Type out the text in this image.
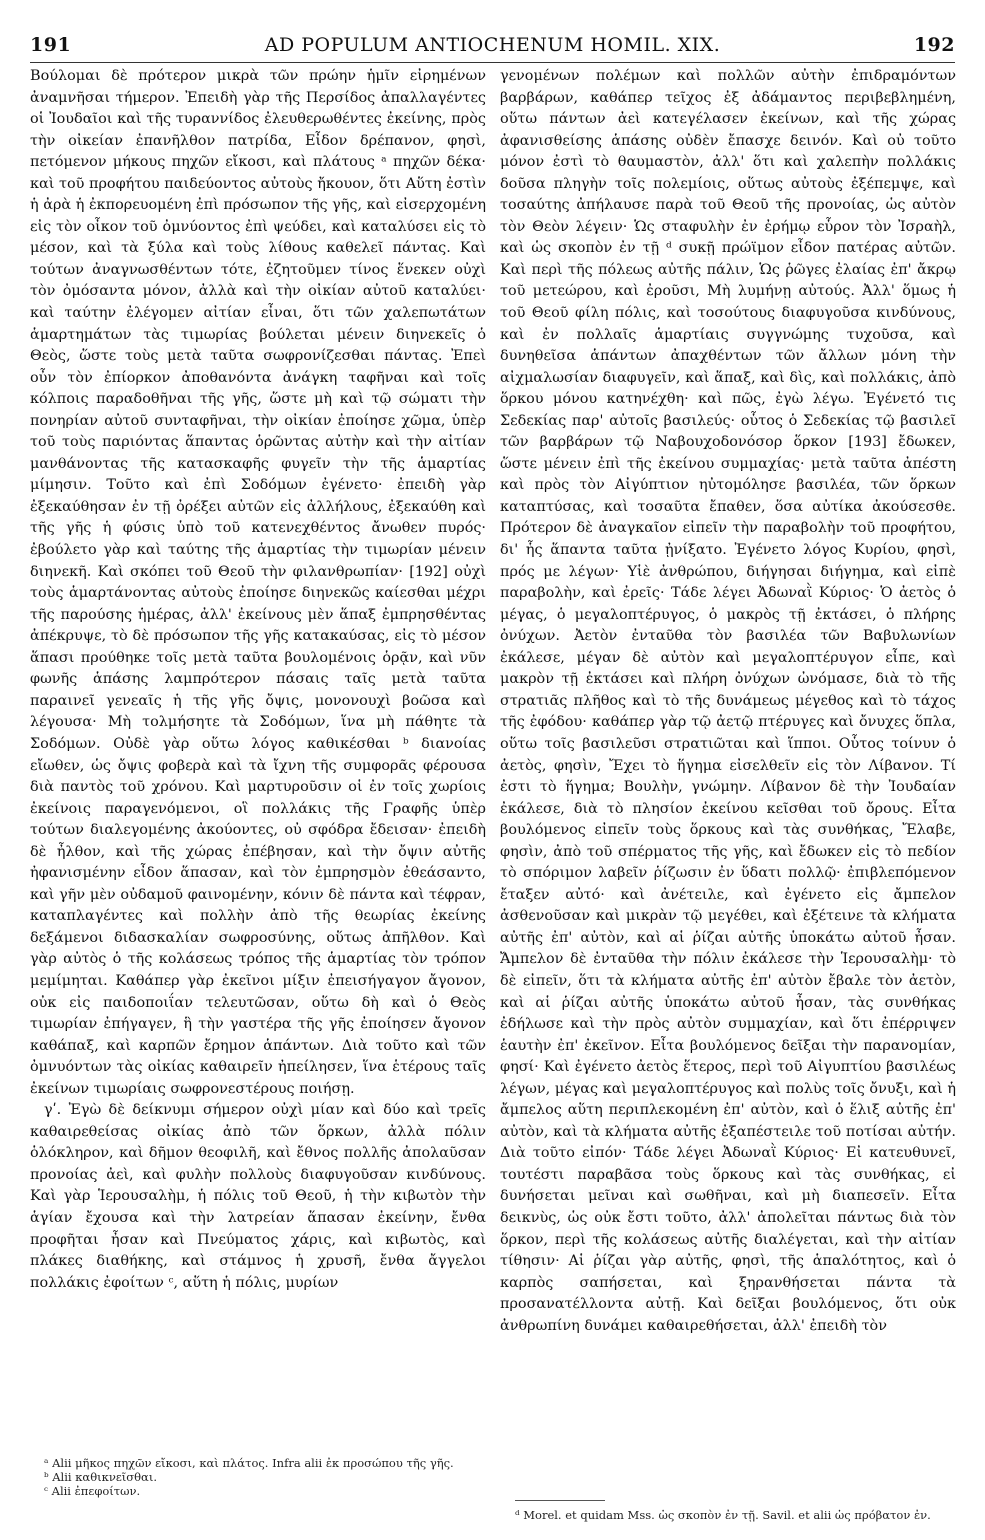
191	AD POPULUM ANTIOCHENUM HOMIL. XIX.	192

Βούλομαι δὲ πρότερον μικρὰ τῶν πρώην ἡμῖν εἰρημένων ἀναμνῆσαι τήμερον. Ἐπειδὴ γὰρ τῆς Περσίδος ἀπαλλαγέντες οἱ Ἰουδαῖοι καὶ τῆς τυραννίδος ἐλευθερωθέντες ἐκείνης, πρὸς τὴν οἰκείαν ἐπανῆλθον πατρίδα, Εἶδον δρέπανον, φησὶ, πετόμενον μήκους πηχῶν εἴκοσι, καὶ πλάτους ᵃ πηχῶν δέκα· καὶ τοῦ προφήτου παιδεύοντος αὐτοὺς ἤκουον, ὅτι Αὕτη ἐστὶν ἡ ἀρὰ ἡ ἐκπορευομένη ἐπὶ πρόσωπον τῆς γῆς, καὶ εἰσερχομένη εἰς τὸν οἶκον τοῦ ὀμνύοντος ἐπὶ ψεύδει, καὶ καταλύσει εἰς τὸ μέσον, καὶ τὰ ξύλα καὶ τοὺς λίθους καθελεῖ πάντας. Καὶ τούτων ἀναγνωσθέντων τότε, ἐζητοῦμεν τίνος ἕνεκεν οὐχὶ τὸν ὀμόσαντα μόνον, ἀλλὰ καὶ τὴν οἰκίαν αὐτοῦ καταλύει· καὶ ταύτην ἐλέγομεν αἰτίαν εἶναι, ὅτι τῶν χαλεπωτάτων ἁμαρτημάτων τὰς τιμωρίας βούλεται μένειν διηνεκεῖς ὁ Θεὸς, ὥστε τοὺς μετὰ ταῦτα σωφρονίζεσθαι πάντας. Ἐπεὶ οὖν τὸν ἐπίορκον ἀποθανόντα ἀνάγκη ταφῆναι καὶ τοῖς κόλποις παραδοθῆναι τῆς γῆς, ὥστε μὴ καὶ τῷ σώματι τὴν πονηρίαν αὐτοῦ συνταφῆναι, τὴν οἰκίαν ἐποίησε χῶμα, ὑπὲρ τοῦ τοὺς παριόντας ἅπαντας ὁρῶντας αὐτὴν καὶ τὴν αἰτίαν μανθάνοντας τῆς κατασκαφῆς φυγεῖν τὴν τῆς ἁμαρτίας μίμησιν. Τοῦτο καὶ ἐπὶ Σοδόμων ἐγένετο· ἐπειδὴ γὰρ ἐξεκαύθησαν ἐν τῇ ὀρέξει αὐτῶν εἰς ἀλλήλους, ἐξεκαύθη καὶ τῆς γῆς ἡ φύσις ὑπὸ τοῦ κατενεχθέντος ἄνωθεν πυρός· ἐβούλετο γὰρ καὶ ταύτης τῆς ἁμαρτίας τὴν τιμωρίαν μένειν διηνεκῆ. Καὶ σκόπει τοῦ Θεοῦ τὴν φιλανθρωπίαν· [192] οὐχὶ τοὺς ἁμαρτάνοντας αὐτοὺς ἐποίησε διηνεκῶς καίεσθαι μέχρι τῆς παρούσης ἡμέρας, ἀλλ' ἐκείνους μὲν ἅπαξ ἐμπρησθέντας ἀπέκρυψε, τὸ δὲ πρόσωπον τῆς γῆς κατακαύσας, εἰς τὸ μέσον ἅπασι προύθηκε τοῖς μετὰ ταῦτα βουλομένοις ὁρᾷν, καὶ νῦν φωνῆς ἁπάσης λαμπρότερον πάσαις ταῖς μετὰ ταῦτα παραινεῖ γενεαῖς ἡ τῆς γῆς ὄψις, μονονουχὶ βοῶσα καὶ λέγουσα· Μὴ τολμήσητε τὰ Σοδόμων, ἵνα μὴ πάθητε τὰ Σοδόμων. Οὐδὲ γὰρ οὕτω λόγος καθικέσθαι ᵇ διανοίας εἴωθεν, ὡς ὄψις φοβερὰ καὶ τὰ ἴχνη τῆς συμφορᾶς φέρουσα διὰ παντὸς τοῦ χρόνου. Καὶ μαρτυροῦσιν οἱ ἐν τοῖς χωρίοις ἐκείνοις παραγενόμενοι, οἳ πολλάκις τῆς Γραφῆς ὑπὲρ τούτων διαλεγομένης ἀκούοντες, οὐ σφόδρα ἔδεισαν· ἐπειδὴ δὲ ἦλθον, καὶ τῆς χώρας ἐπέβησαν, καὶ τὴν ὄψιν αὐτῆς ἠφανισμένην εἶδον ἅπασαν, καὶ τὸν ἐμπρησμὸν ἐθεάσαντο, καὶ γῆν μὲν οὐδαμοῦ φαινομένην, κόνιν δὲ πάντα καὶ τέφραν, καταπλαγέντες καὶ πολλὴν ἀπὸ τῆς θεωρίας ἐκείνης δεξάμενοι διδασκαλίαν σωφροσύνης, οὕτως ἀπῆλθον. Καὶ γὰρ αὐτὸς ὁ τῆς κολάσεως τρόπος τῆς ἁμαρτίας τὸν τρόπον μεμίμηται. Καθάπερ γὰρ ἐκεῖνοι μίξιν ἐπεισήγαγον ἄγονον, οὐκ εἰς παιδοποιΐαν τελευτῶσαν, οὕτω δὴ καὶ ὁ Θεὸς τιμωρίαν ἐπήγαγεν, ἣ τὴν γαστέρα τῆς γῆς ἐποίησεν ἄγονον καθάπαξ, καὶ καρπῶν ἔρημον ἁπάντων. Διὰ τοῦτο καὶ τῶν ὀμνυόντων τὰς οἰκίας καθαιρεῖν ἠπείλησεν, ἵνα ἑτέρους ταῖς ἐκείνων τιμωρίαις σωφρονεστέρους ποιήσῃ.

γʹ. Ἐγὼ δὲ δείκνυμι σήμερον οὐχὶ μίαν καὶ δύο καὶ τρεῖς καθαιρεθείσας οἰκίας ἀπὸ τῶν ὅρκων, ἀλλὰ πόλιν ὁλόκληρον, καὶ δῆμον θεοφιλῆ, καὶ ἔθνος πολλῆς ἀπολαῦσαν προνοίας ἀεὶ, καὶ φυλὴν πολλοὺς διαφυγοῦσαν κινδύνους. Καὶ γὰρ Ἱερουσαλὴμ, ἡ πόλις τοῦ Θεοῦ, ἡ τὴν κιβωτὸν τὴν ἁγίαν ἔχουσα καὶ τὴν λατρείαν ἅπασαν ἐκείνην, ἔνθα προφῆται ἦσαν καὶ Πνεύματος χάρις, καὶ κιβωτὸς, καὶ πλάκες διαθήκης, καὶ στάμνος ἡ χρυσῆ, ἔνθα ἄγγελοι πολλάκις ἐφοίτων ᶜ, αὕτη ἡ πόλις, μυρίων

γενομένων πολέμων καὶ πολλῶν αὐτὴν ἐπιδραμόντων βαρβάρων, καθάπερ τεῖχος ἐξ ἀδάμαντος περιβεβλημένη, οὕτω πάντων ἀεὶ κατεγέλασεν ἐκείνων, καὶ τῆς χώρας ἀφανισθείσης ἁπάσης οὐδὲν ἔπασχε δεινόν. Καὶ οὐ τοῦτο μόνον ἐστὶ τὸ θαυμαστὸν, ἀλλ' ὅτι καὶ χαλεπὴν πολλάκις δοῦσα πληγὴν τοῖς πολεμίοις, οὕτως αὐτοὺς ἐξέπεμψε, καὶ τοσαύτης ἀπήλαυσε παρὰ τοῦ Θεοῦ τῆς προνοίας, ὡς αὐτὸν τὸν Θεὸν λέγειν· Ὡς σταφυλὴν ἐν ἐρήμῳ εὗρον τὸν Ἰσραὴλ, καὶ ὡς σκοπὸν ἐν τῇ ᵈ συκῇ πρώϊμον εἶδον πατέρας αὐτῶν. Καὶ περὶ τῆς πόλεως αὐτῆς πάλιν, Ὡς ῥῶγες ἐλαίας ἐπ' ἄκρῳ τοῦ μετεώρου, καὶ ἐροῦσι, Μὴ λυμήνῃ αὐτούς. Ἀλλ' ὅμως ἡ τοῦ Θεοῦ φίλη πόλις, καὶ τοσούτους διαφυγοῦσα κινδύνους, καὶ ἐν πολλαῖς ἁμαρτίαις συγγνώμης τυχοῦσα, καὶ δυνηθεῖσα ἁπάντων ἀπαχθέντων τῶν ἄλλων μόνη τὴν αἰχμαλωσίαν διαφυγεῖν, καὶ ἅπαξ, καὶ δὶς, καὶ πολλάκις, ἀπὸ ὅρκου μόνου κατηνέχθη· καὶ πῶς, ἐγὼ λέγω. Ἐγένετό τις Σεδεκίας παρ' αὐτοῖς βασιλεύς· οὗτος ὁ Σεδεκίας τῷ βασιλεῖ τῶν βαρβάρων τῷ Ναβουχοδονόσορ ὅρκον [193] ἔδωκεν, ὥστε μένειν ἐπὶ τῆς ἐκείνου συμμαχίας· μετὰ ταῦτα ἀπέστη καὶ πρὸς τὸν Αἰγύπτιον ηὐτομόλησε βασιλέα, τῶν ὅρκων καταπτύσας, καὶ τοσαῦτα ἔπαθεν, ὅσα αὐτίκα ἀκούσεσθε. Πρότερον δὲ ἀναγκαῖον εἰπεῖν τὴν παραβολὴν τοῦ προφήτου, δι' ἧς ἅπαντα ταῦτα ᾐνίξατο. Ἐγένετο λόγος Κυρίου, φησὶ, πρός με λέγων· Υἱὲ ἀνθρώπου, διήγησαι διήγημα, καὶ εἰπὲ παραβολὴν, καὶ ἐρεῖς· Τάδε λέγει Ἀδωναῒ Κύριος· Ὁ ἀετὸς ὁ μέγας, ὁ μεγαλοπτέρυγος, ὁ μακρὸς τῇ ἐκτάσει, ὁ πλήρης ὀνύχων. Ἀετὸν ἐνταῦθα τὸν βασιλέα τῶν Βαβυλωνίων ἐκάλεσε, μέγαν δὲ αὐτὸν καὶ μεγαλοπτέρυγον εἶπε, καὶ μακρὸν τῇ ἐκτάσει καὶ πλήρη ὀνύχων ὠνόμασε, διὰ τὸ τῆς στρατιᾶς πλῆθος καὶ τὸ τῆς δυνάμεως μέγεθος καὶ τὸ τάχος τῆς ἐφόδου· καθάπερ γὰρ τῷ ἀετῷ πτέρυγες καὶ ὄνυχες ὅπλα, οὕτω τοῖς βασιλεῦσι στρατιῶται καὶ ἵπποι. Οὗτος τοίνυν ὁ ἀετὸς, φησὶν, Ἔχει τὸ ἥγημα εἰσελθεῖν εἰς τὸν Λίβανον. Τί ἐστι τὸ ἥγημα; Βουλὴν, γνώμην. Λίβανον δὲ τὴν Ἰουδαίαν ἐκάλεσε, διὰ τὸ πλησίον ἐκείνου κεῖσθαι τοῦ ὄρους. Εἶτα βουλόμενος εἰπεῖν τοὺς ὅρκους καὶ τὰς συνθήκας, Ἔλαβε, φησὶν, ἀπὸ τοῦ σπέρματος τῆς γῆς, καὶ ἔδωκεν εἰς τὸ πεδίον τὸ σπόριμον λαβεῖν ῥίζωσιν ἐν ὕδατι πολλῷ· ἐπιβλεπόμενον ἔταξεν αὐτό· καὶ ἀνέτειλε, καὶ ἐγένετο εἰς ἄμπελον ἀσθενοῦσαν καὶ μικρὰν τῷ μεγέθει, καὶ ἐξέτεινε τὰ κλήματα αὐτῆς ἐπ' αὐτὸν, καὶ αἱ ῥίζαι αὐτῆς ὑποκάτω αὐτοῦ ἦσαν. Ἄμπελον δὲ ἐνταῦθα τὴν πόλιν ἐκάλεσε τὴν Ἱερουσαλὴμ· τὸ δὲ εἰπεῖν, ὅτι τὰ κλήματα αὐτῆς ἐπ' αὐτὸν ἔβαλε τὸν ἀετὸν, καὶ αἱ ῥίζαι αὐτῆς ὑποκάτω αὐτοῦ ἦσαν, τὰς συνθήκας ἐδήλωσε καὶ τὴν πρὸς αὐτὸν συμμαχίαν, καὶ ὅτι ἐπέρριψεν ἑαυτὴν ἐπ' ἐκεῖνον. Εἶτα βουλόμενος δεῖξαι τὴν παρανομίαν, φησί· Καὶ ἐγένετο ἀετὸς ἕτερος, περὶ τοῦ Αἰγυπτίου βασιλέως λέγων, μέγας καὶ μεγαλοπτέρυγος καὶ πολὺς τοῖς ὄνυξι, καὶ ἡ ἄμπελος αὕτη περιπλεκομένη ἐπ' αὐτὸν, καὶ ὁ ἕλιξ αὐτῆς ἐπ' αὐτὸν, καὶ τὰ κλήματα αὐτῆς ἐξαπέστειλε τοῦ ποτίσαι αὐτήν. Διὰ τοῦτο εἰπόν· Τάδε λέγει Ἀδωναῒ Κύριος· Εἰ κατευθυνεῖ, τουτέστι παραβᾶσα τοὺς ὅρκους καὶ τὰς συνθήκας, εἰ δυνήσεται μεῖναι καὶ σωθῆναι, καὶ μὴ διαπεσεῖν. Εἶτα δεικνὺς, ὡς οὐκ ἔστι τοῦτο, ἀλλ' ἀπολεῖται πάντως διὰ τὸν ὅρκον, περὶ τῆς κολάσεως αὐτῆς διαλέγεται, καὶ τὴν αἰτίαν τίθησιν· Αἱ ῥίζαι γὰρ αὐτῆς, φησὶ, τῆς ἁπαλότητος, καὶ ὁ καρπὸς σαπήσεται, καὶ ξηρανθήσεται πάντα τὰ προσανατέλλοντα αὐτῇ. Καὶ δεῖξαι βουλόμενος, ὅτι οὐκ ἀνθρωπίνη δυνάμει καθαιρεθήσεται, ἀλλ' ἐπειδὴ τὸν

ᵃ Alii μῆκος πηχῶν εἴκοσι, καὶ πλάτος. Infra alii ἐκ προσώπου τῆς γῆς.

ᵇ Alii καθικνεῖσθαι.

ᶜ Alii ἐπεφοίτων.

ᵈ Morel. et quidam Mss. ὡς σκοπὸν ἐν τῇ. Savil. et alii ὡς πρόβατον ἐν.
